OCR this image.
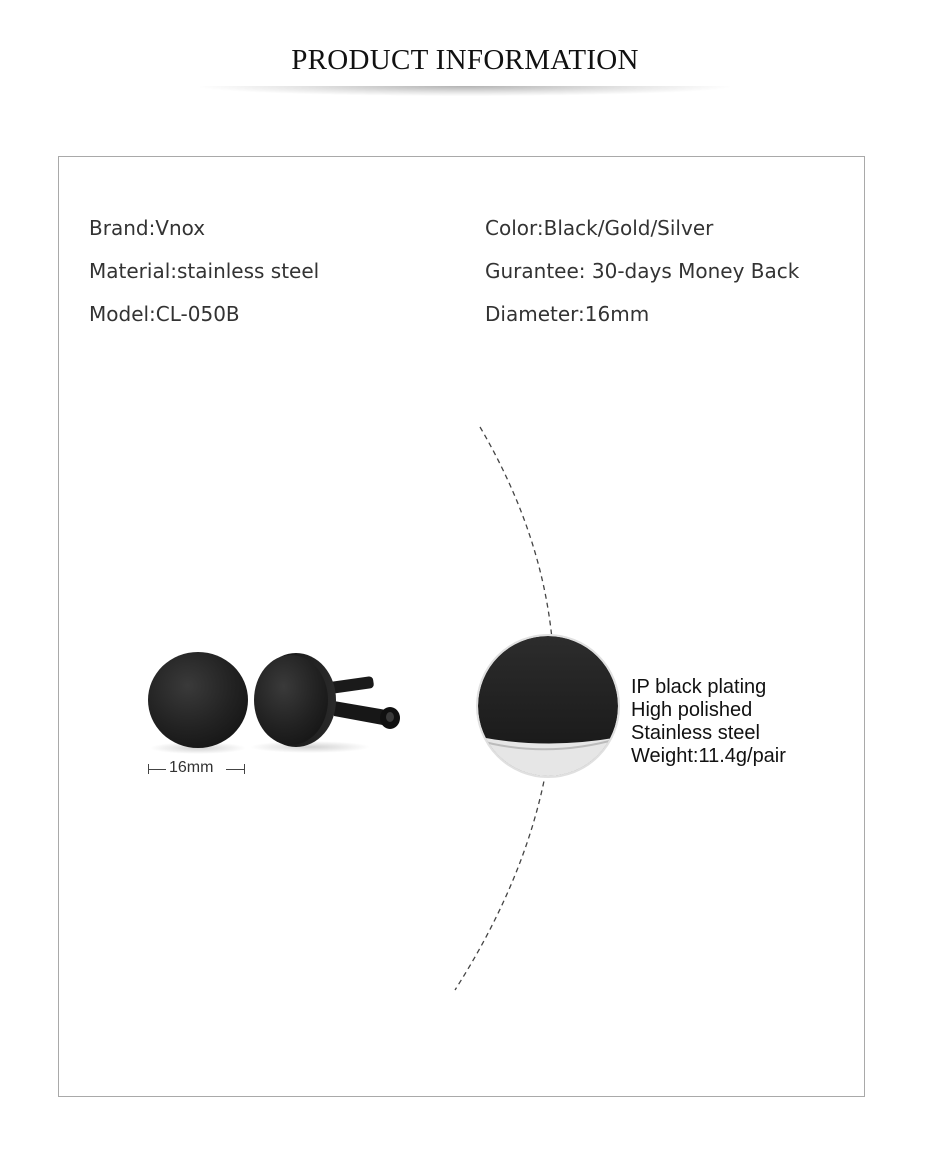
PRODUCT INFORMATION
Brand:Vnox
Material:stainless steel
Model:CL-050B
Color:Black/Gold/Silver
Gurantee: 30-days Money Back
Diameter:16mm
16mm
IP black plating
High polished
Stainless steel
Weight:11.4g/pair
